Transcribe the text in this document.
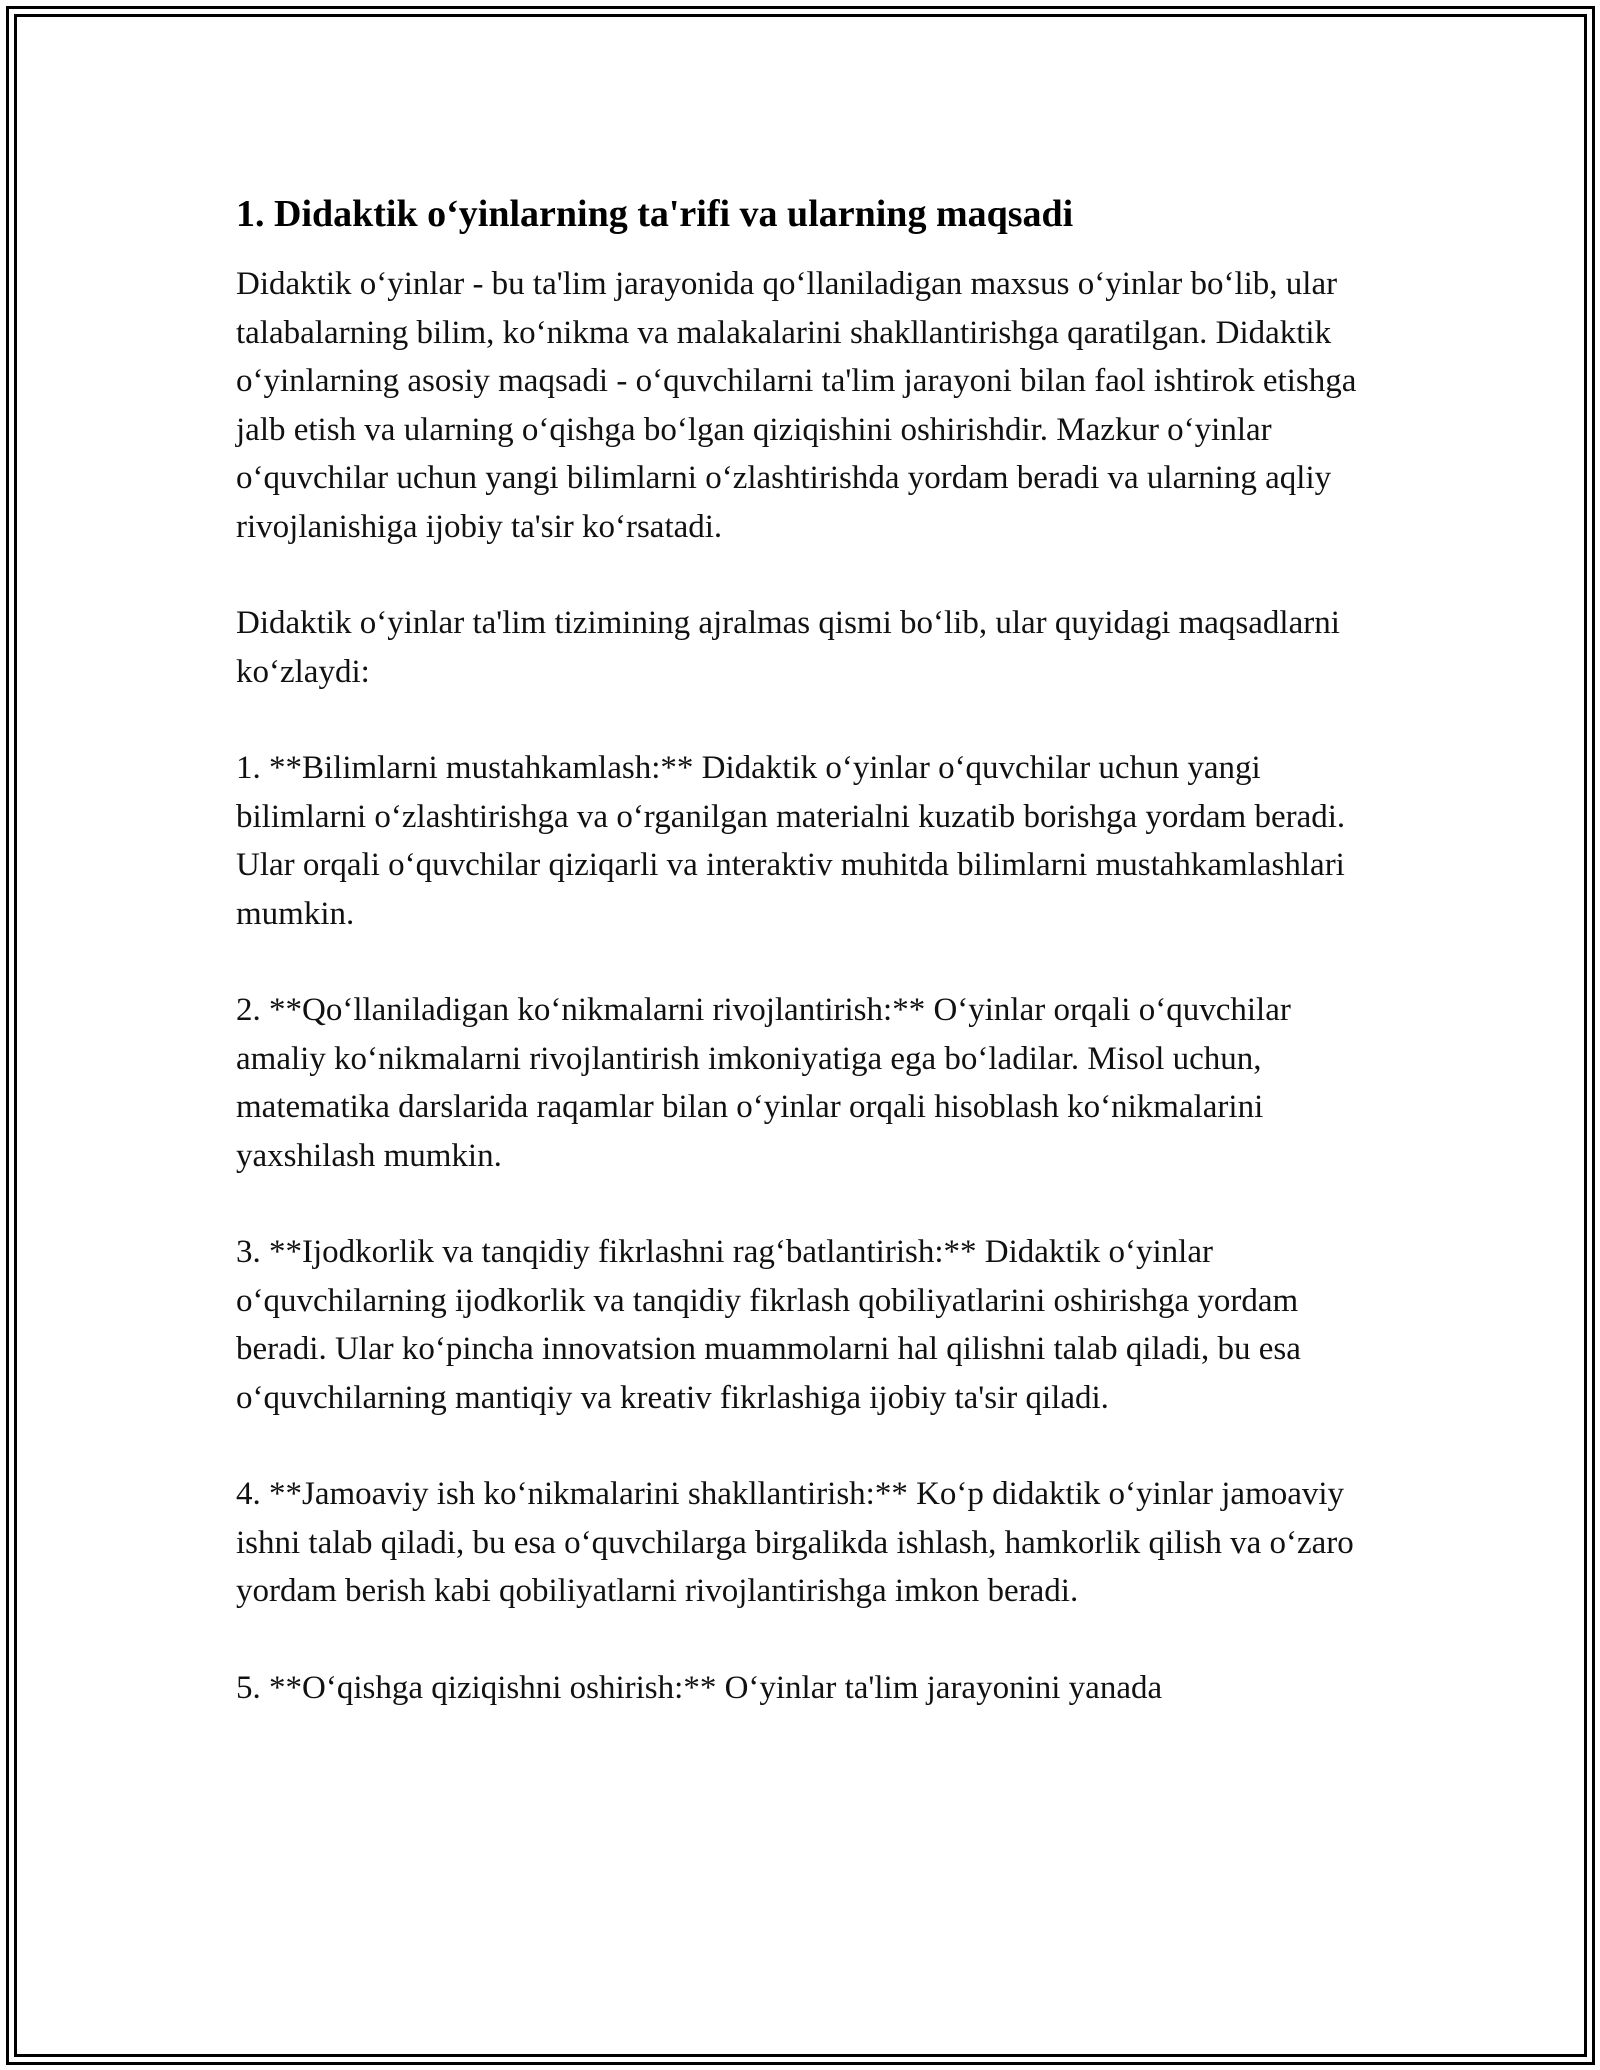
1. Didaktik o‘yinlarning ta'rifi va ularning maqsadi

Didaktik o‘yinlar - bu ta'lim jarayonida qo‘llaniladigan maxsus o‘yinlar bo‘lib, ular talabalarning bilim, ko‘nikma va malakalarini shakllantirishga qaratilgan. Didaktik o‘yinlarning asosiy maqsadi - o‘quvchilarni ta'lim jarayoni bilan faol ishtirok etishga jalb etish va ularning o‘qishga bo‘lgan qiziqishini oshirishdir. Mazkur o‘yinlar o‘quvchilar uchun yangi bilimlarni o‘zlashtirishda yordam beradi va ularning aqliy rivojlanishiga ijobiy ta'sir ko‘rsatadi.

Didaktik o‘yinlar ta'lim tizimining ajralmas qismi bo‘lib, ular quyidagi maqsadlarni ko‘zlaydi:

1. **Bilimlarni mustahkamlash:** Didaktik o‘yinlar o‘quvchilar uchun yangi bilimlarni o‘zlashtirishga va o‘rganilgan materialni kuzatib borishga yordam beradi. Ular orqali o‘quvchilar qiziqarli va interaktiv muhitda bilimlarni mustahkamlashlari mumkin.

2. **Qo‘llaniladigan ko‘nikmalarni rivojlantirish:** O‘yinlar orqali o‘quvchilar amaliy ko‘nikmalarni rivojlantirish imkoniyatiga ega bo‘ladilar. Misol uchun, matematika darslarida raqamlar bilan o‘yinlar orqali hisoblash ko‘nikmalarini yaxshilash mumkin.

3. **Ijodkorlik va tanqidiy fikrlashni rag‘batlantirish:** Didaktik o‘yinlar o‘quvchilarning ijodkorlik va tanqidiy fikrlash qobiliyatlarini oshirishga yordam beradi. Ular ko‘pincha innovatsion muammolarni hal qilishni talab qiladi, bu esa o‘quvchilarning mantiqiy va kreativ fikrlashiga ijobiy ta'sir qiladi.

4. **Jamoaviy ish ko‘nikmalarini shakllantirish:** Ko‘p didaktik o‘yinlar jamoaviy ishni talab qiladi, bu esa o‘quvchilarga birgalikda ishlash, hamkorlik qilish va o‘zaro yordam berish kabi qobiliyatlarni rivojlantirishga imkon beradi.

5. **O‘qishga qiziqishni oshirish:** O‘yinlar ta'lim jarayonini yanada
